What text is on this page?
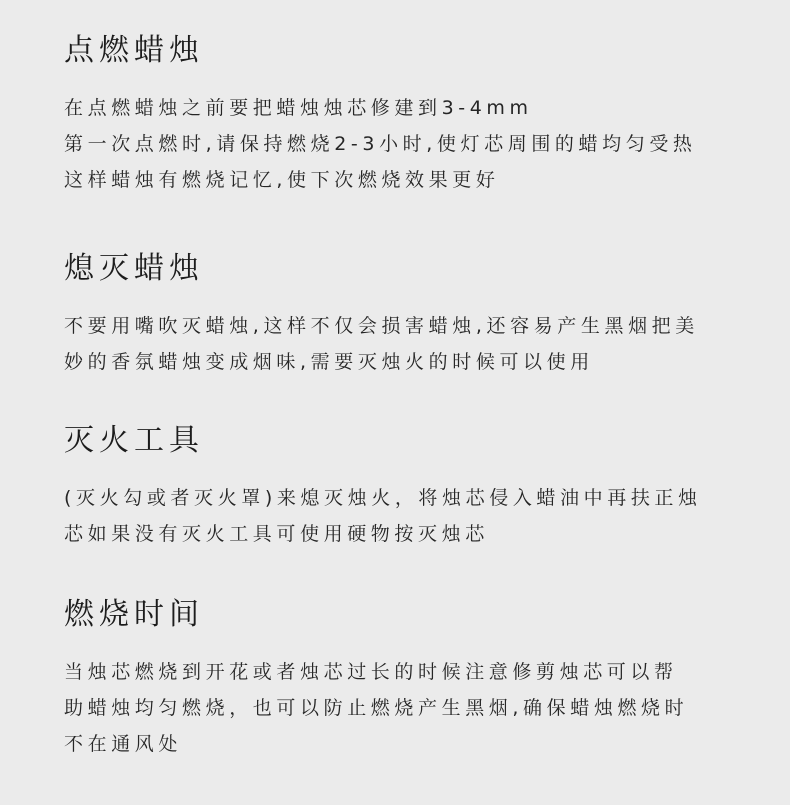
点燃蜡烛

在点燃蜡烛之前要把蜡烛烛芯修建到3-4mm

第一次点燃时,请保持燃烧2-3小时,使灯芯周围的蜡均匀受热

这样蜡烛有燃烧记忆,使下次燃烧效果更好

熄灭蜡烛

不要用嘴吹灭蜡烛,这样不仅会损害蜡烛,还容易产生黑烟把美

妙的香氛蜡烛变成烟味,需要灭烛火的时候可以使用

灭火工具

(灭火勾或者灭火罩)来熄灭烛火，将烛芯侵入蜡油中再扶正烛

芯如果没有灭火工具可使用硬物按灭烛芯

燃烧时间

当烛芯燃烧到开花或者烛芯过长的时候注意修剪烛芯可以帮

助蜡烛均匀燃烧，也可以防止燃烧产生黑烟,确保蜡烛燃烧时

不在通风处
